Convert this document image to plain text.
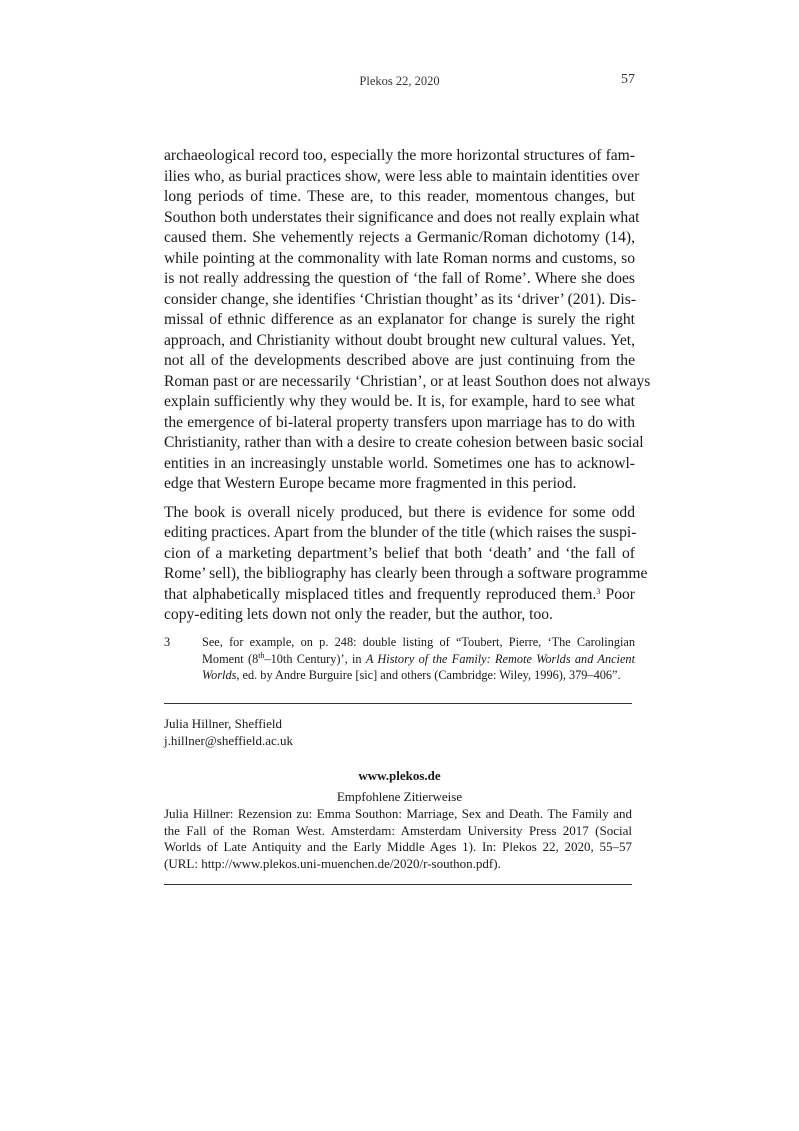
Plekos 22, 2020	57

archaeological record too, especially the more horizontal structures of fam-
ilies who, as burial practices show, were less able to maintain identities over
long periods of time. These are, to this reader, momentous changes, but
Southon both understates their significance and does not really explain what
caused them. She vehemently rejects a Germanic/Roman dichotomy (14),
while pointing at the commonality with late Roman norms and customs, so
is not really addressing the question of ‘the fall of Rome’. Where she does
consider change, she identifies ‘Christian thought’ as its ‘driver’ (201). Dis-
missal of ethnic difference as an explanator for change is surely the right
approach, and Christianity without doubt brought new cultural values. Yet,
not all of the developments described above are just continuing from the
Roman past or are necessarily ‘Christian’, or at least Southon does not always
explain sufficiently why they would be. It is, for example, hard to see what
the emergence of bi-lateral property transfers upon marriage has to do with
Christianity, rather than with a desire to create cohesion between basic social
entities in an increasingly unstable world. Sometimes one has to acknowl-
edge that Western Europe became more fragmented in this period.

The book is overall nicely produced, but there is evidence for some odd
editing practices. Apart from the blunder of the title (which raises the suspi-
cion of a marketing department’s belief that both ‘death’ and ‘the fall of
Rome’ sell), the bibliography has clearly been through a software programme
that alphabetically misplaced titles and frequently reproduced them.$^3$ Poor
copy-editing lets down not only the reader, but the author, too.

3	See, for example, on p. 248: double listing of “Toubert, Pierre, ‘The Carolingian Moment (8th–10th Century)’, in A History of the Family: Remote Worlds and Ancient Worlds, ed. by Andre Burguire [sic] and others (Cambridge: Wiley, 1996), 379–406”.
Julia Hillner, Sheffield
j.hillner@sheffield.ac.uk
www.plekos.de
Empfohlene Zitierweise
Julia Hillner: Rezension zu: Emma Southon: Marriage, Sex and Death. The Family and the Fall of the Roman West. Amsterdam: Amsterdam University Press 2017 (Social Worlds of Late Antiquity and the Early Middle Ages 1). In: Plekos 22, 2020, 55–57 (URL: http://www.plekos.uni-muenchen.de/2020/r-southon.pdf).
